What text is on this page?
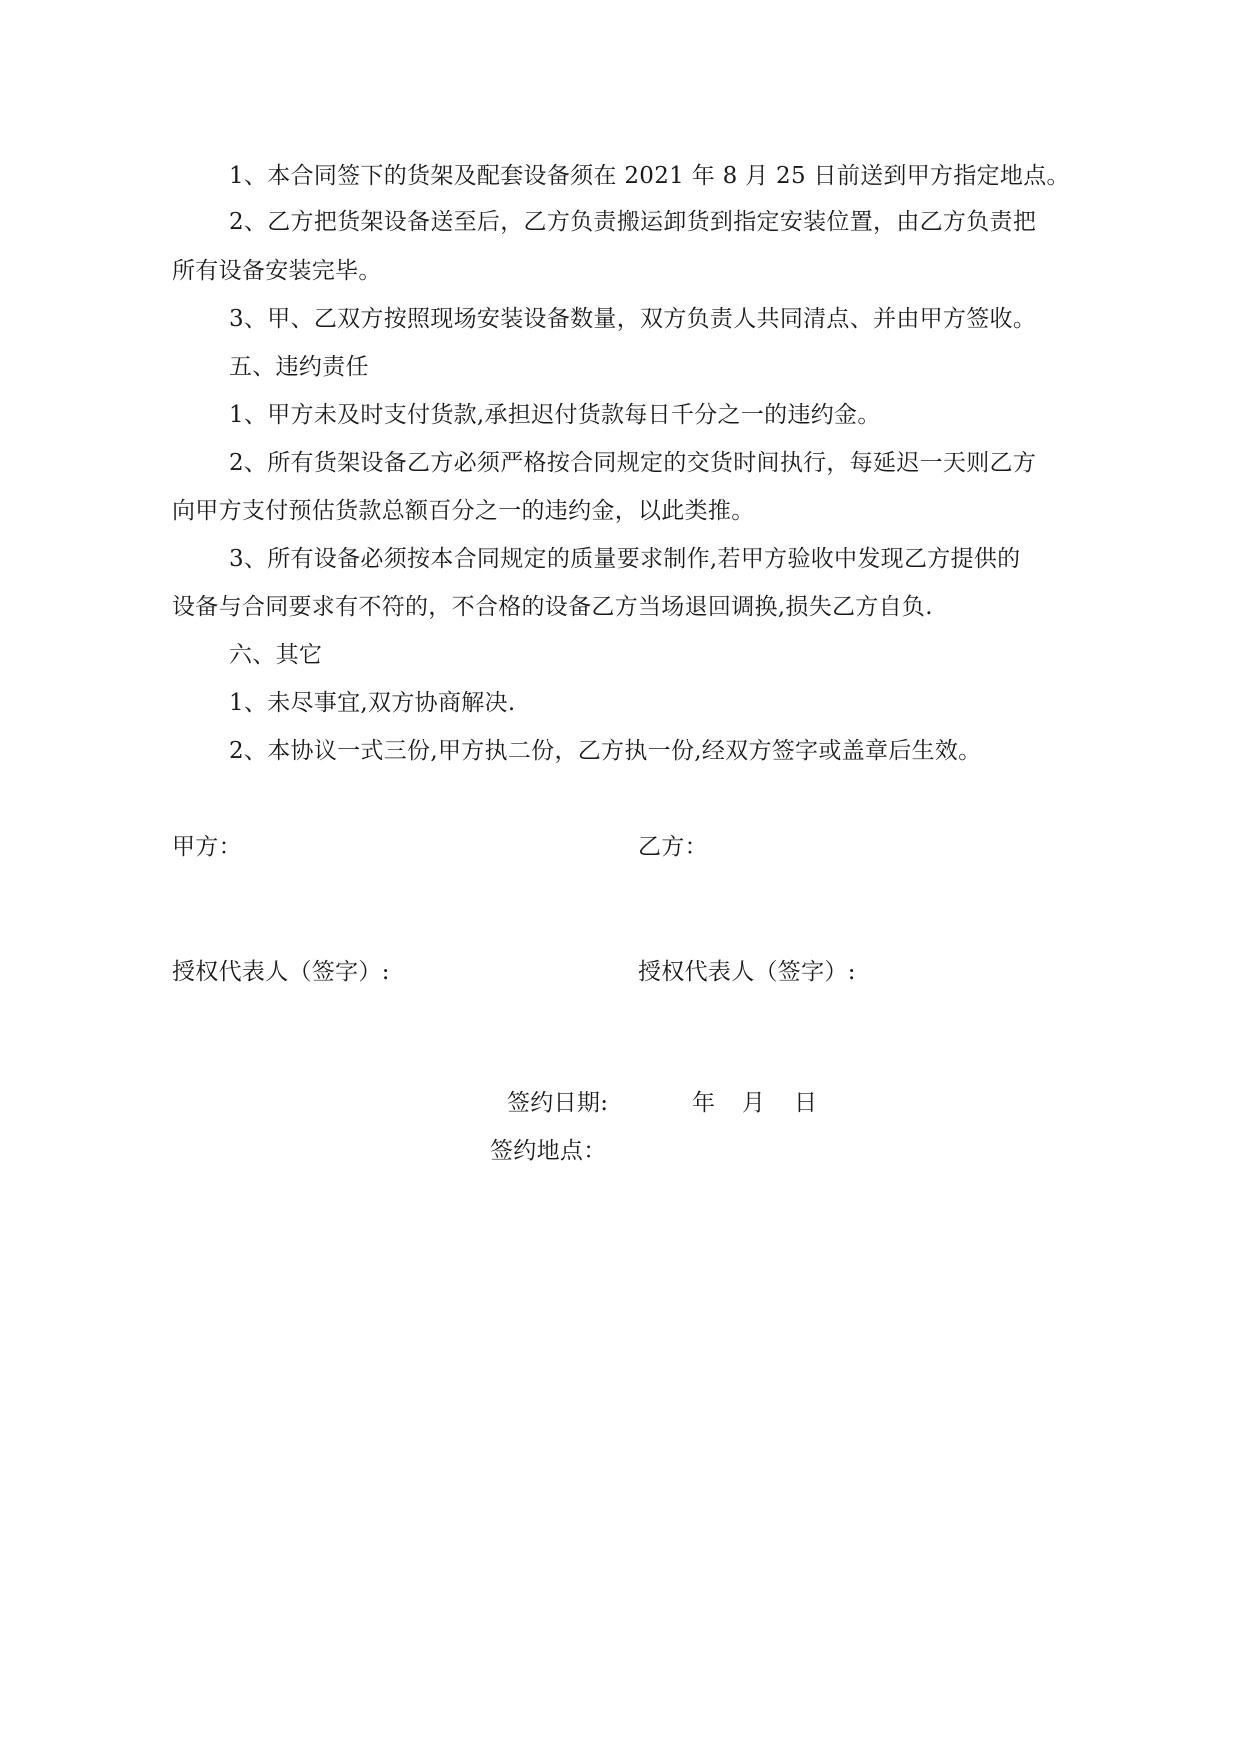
1、本合同签下的货架及配套设备须在 2021 年 8 月 25 日前送到甲方指定地点。
2、乙方把货架设备送至后，乙方负责搬运卸货到指定安装位置，由乙方负责把
所有设备安装完毕。
3、甲、乙双方按照现场安装设备数量，双方负责人共同清点、并由甲方签收。
五、违约责任
1、甲方未及时支付货款,承担迟付货款每日千分之一的违约金。
2、所有货架设备乙方必须严格按合同规定的交货时间执行，每延迟一天则乙方
向甲方支付预估货款总额百分之一的违约金，以此类推。
3、所有设备必须按本合同规定的质量要求制作,若甲方验收中发现乙方提供的
设备与合同要求有不符的，不合格的设备乙方当场退回调换,损失乙方自负.
六、其它
1、未尽事宜,双方协商解决.
2、本协议一式三份,甲方执二份，乙方执一份,经双方签字或盖章后生效。
甲方：	乙方：
授权代表人（签字）:	授权代表人（签字）:
签约日期:	年 月 日
签约地点：
